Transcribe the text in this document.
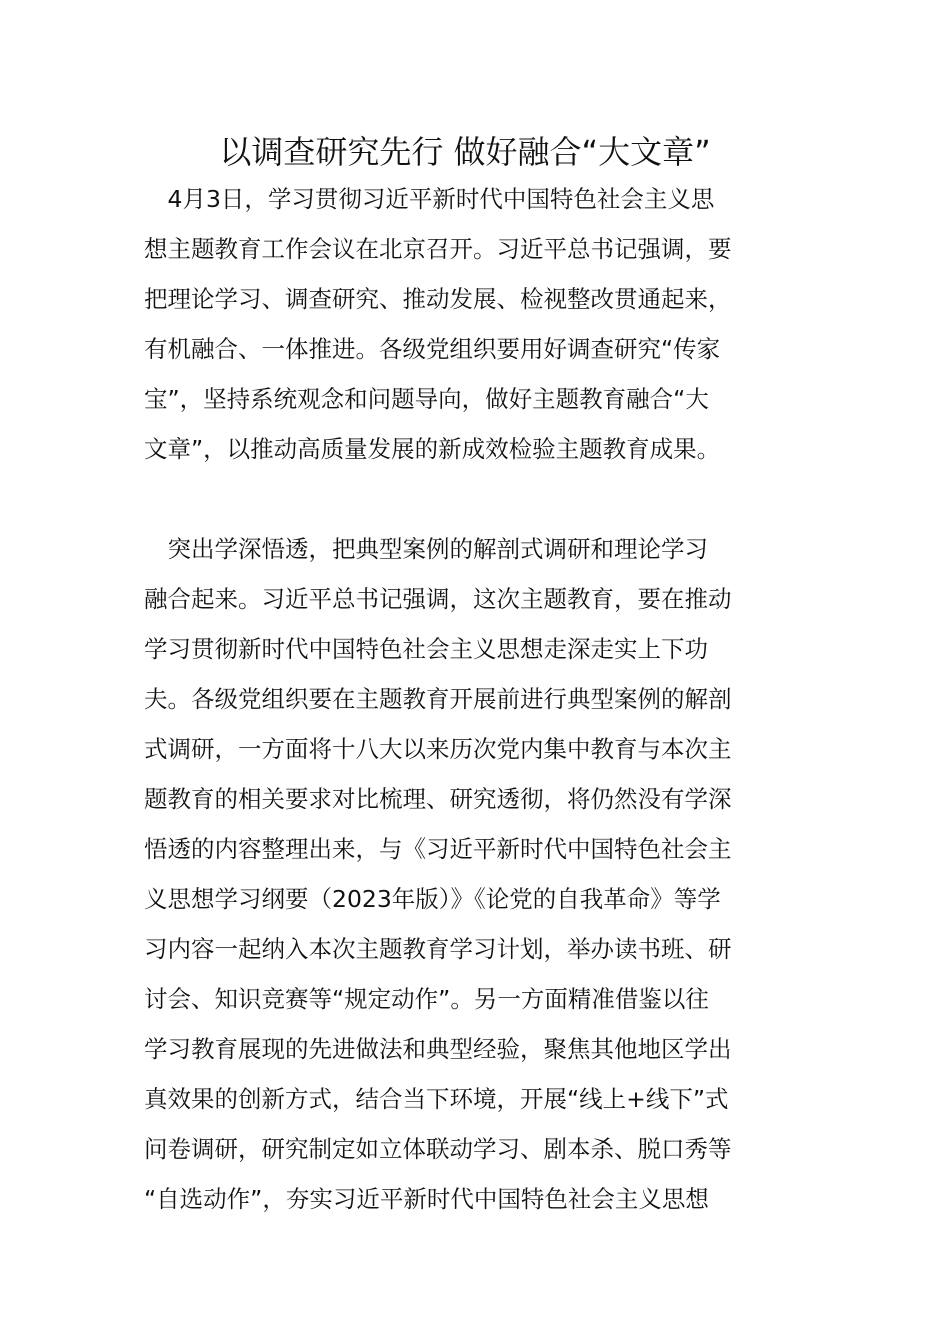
以调查研究先行 做好融合“大文章”

　4月3日，学习贯彻习近平新时代中国特色社会主义思

想主题教育工作会议在北京召开。习近平总书记强调，要

把理论学习、调查研究、推动发展、检视整改贯通起来，

有机融合、一体推进。各级党组织要用好调查研究“传家

宝”，坚持系统观念和问题导向，做好主题教育融合“大

文章”，以推动高质量发展的新成效检验主题教育成果。

　突出学深悟透，把典型案例的解剖式调研和理论学习

融合起来。习近平总书记强调，这次主题教育，要在推动

学习贯彻新时代中国特色社会主义思想走深走实上下功

夫。各级党组织要在主题教育开展前进行典型案例的解剖

式调研，一方面将十八大以来历次党内集中教育与本次主

题教育的相关要求对比梳理、研究透彻，将仍然没有学深

悟透的内容整理出来，与《习近平新时代中国特色社会主

义思想学习纲要（2023年版）》《论党的自我革命》等学

习内容一起纳入本次主题教育学习计划，举办读书班、研

讨会、知识竞赛等“规定动作”。另一方面精准借鉴以往

学习教育展现的先进做法和典型经验，聚焦其他地区学出

真效果的创新方式，结合当下环境，开展“线上+线下”式

问卷调研，研究制定如立体联动学习、剧本杀、脱口秀等

“自选动作”，夯实习近平新时代中国特色社会主义思想
